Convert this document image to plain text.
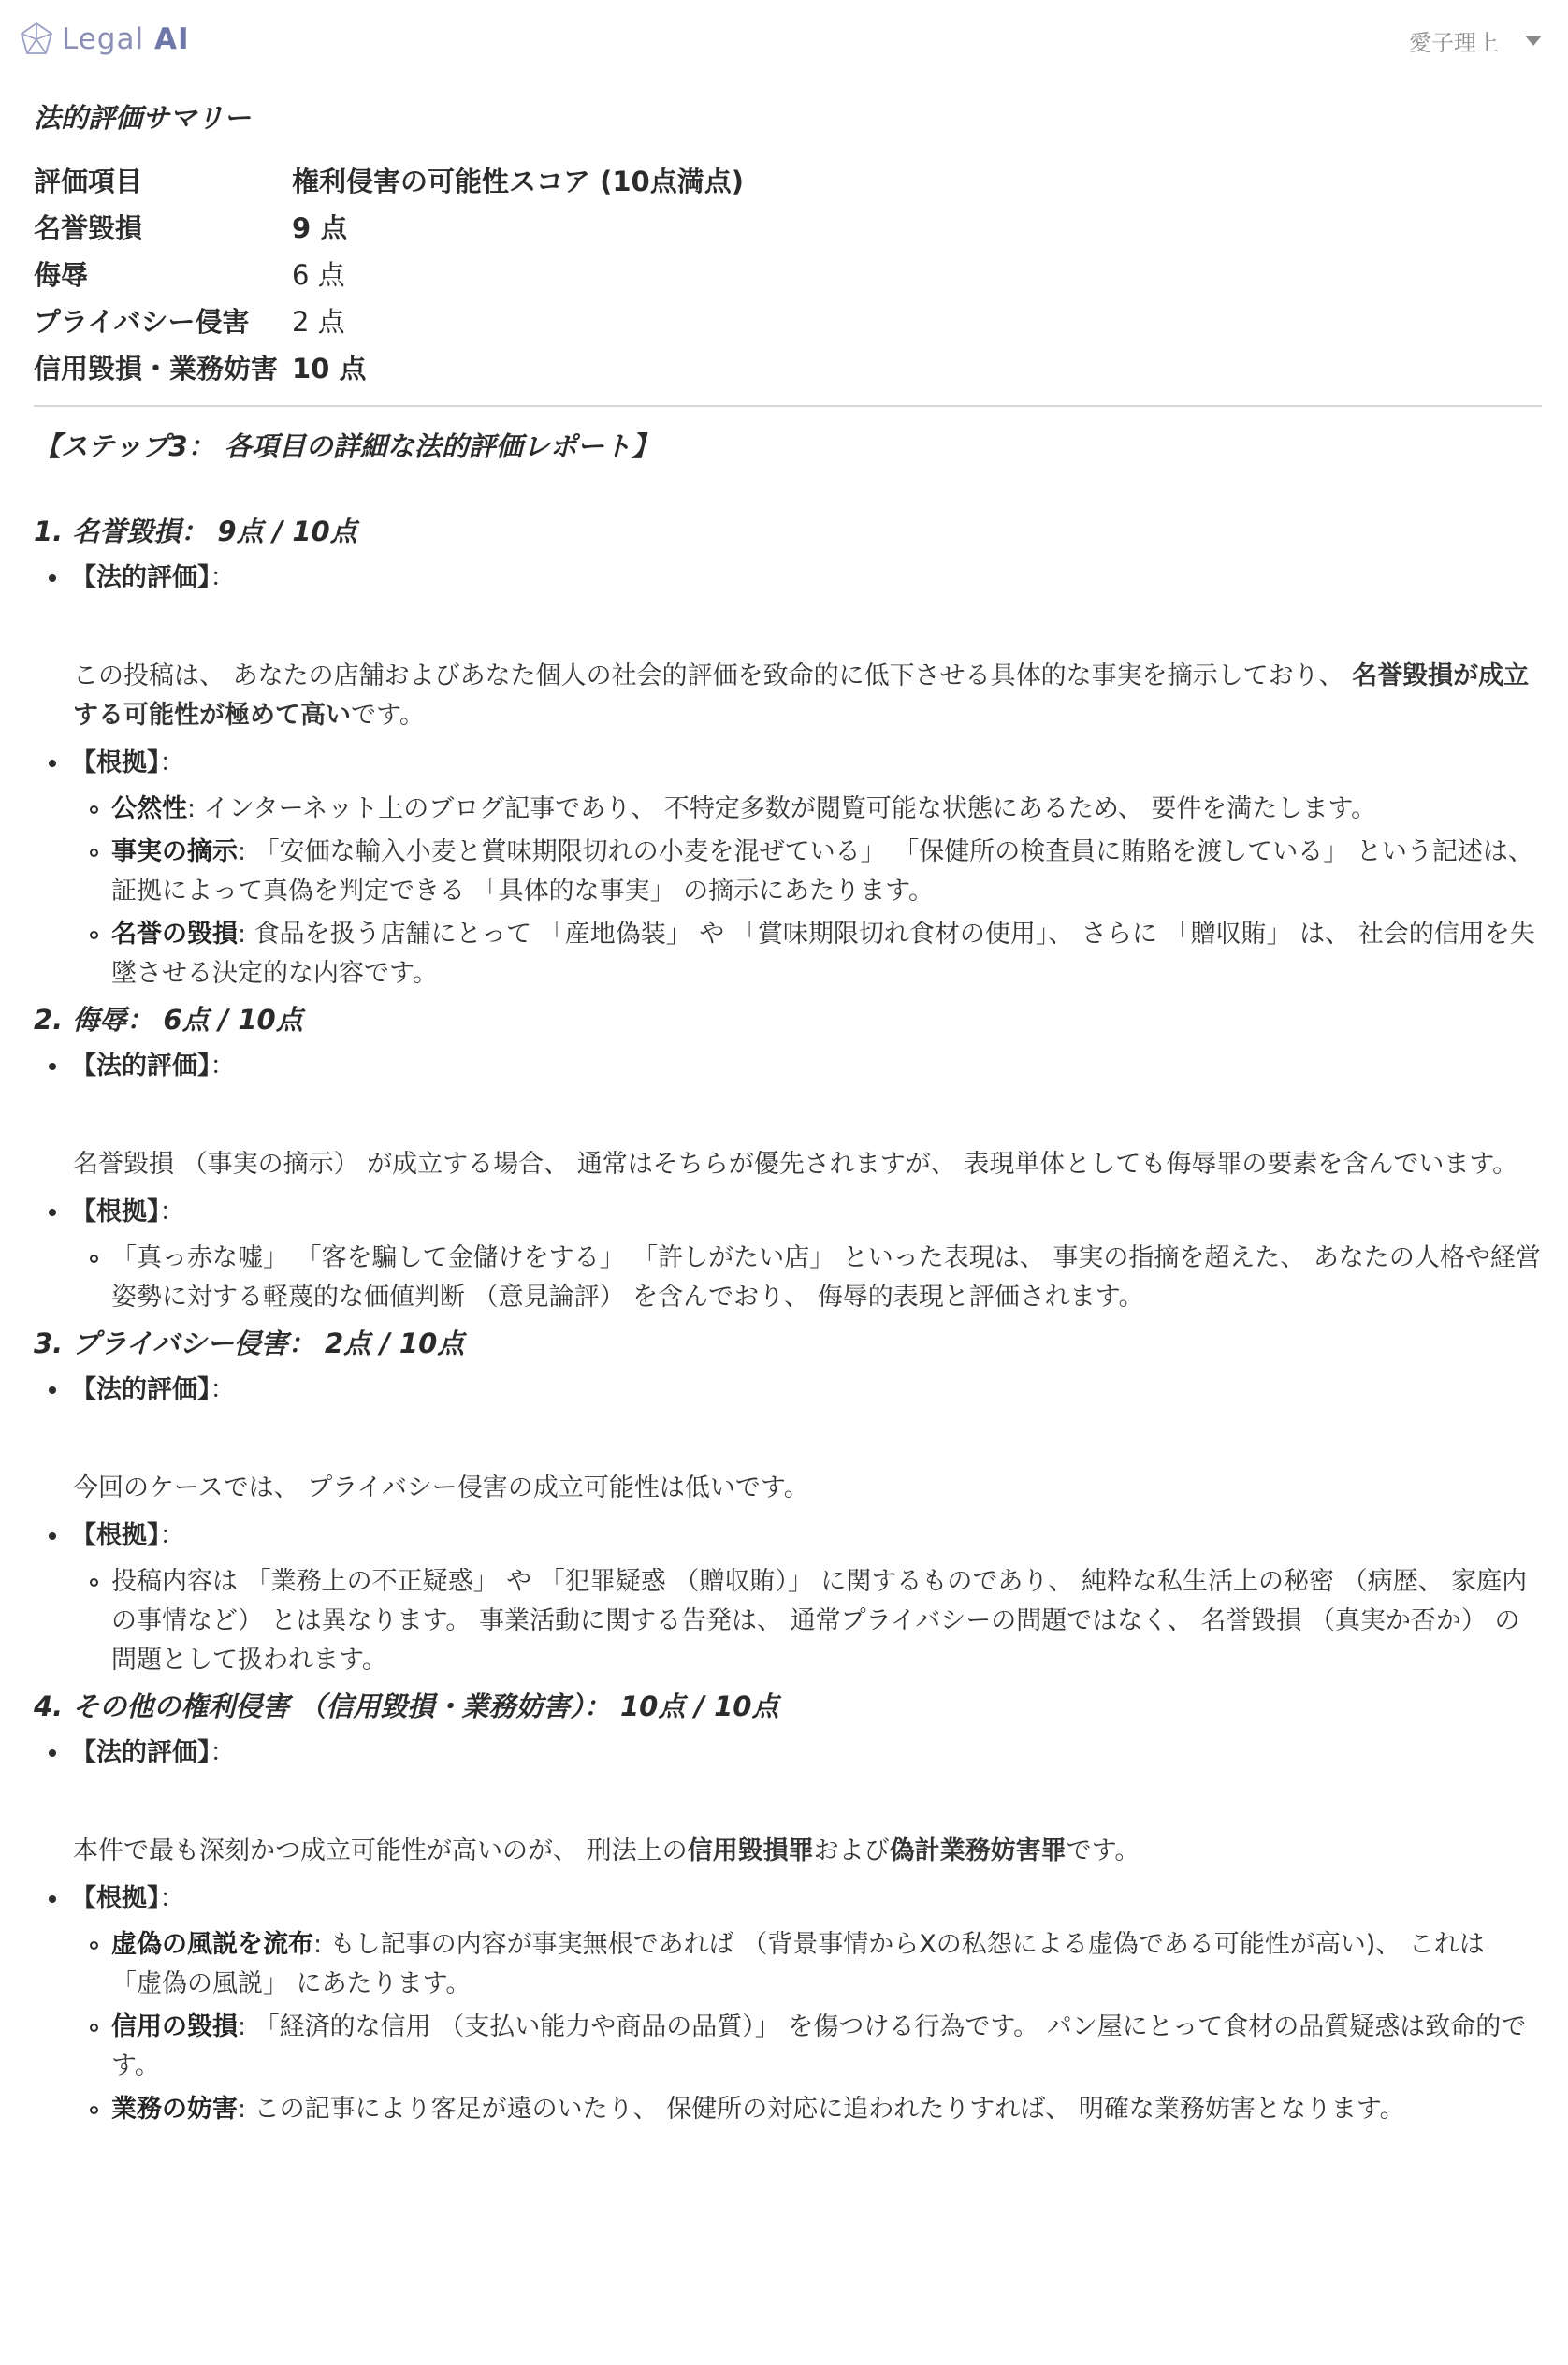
Legal AI	愛子理上
法的評価サマリー
評価項目	権利侵害の可能性スコア (10点満点)
名誉毀損	9 点
侮辱	6 点
プライバシー侵害	2 点
信用毀損・業務妨害	10 点
【ステップ3： 各項目の詳細な法的評価レポート】
1. 名誉毀損： 9点 / 10点
【法的評価】：
この投稿は、 あなたの店舗およびあなた個人の社会的評価を致命的に低下させる具体的な事実を摘示しており、 名誉毀損が成立する可能性が極めて高いです。
【根拠】：
公然性: インターネット上のブログ記事であり、 不特定多数が閲覧可能な状態にあるため、 要件を満たします。
事実の摘示: 「安価な輸入小麦と賞味期限切れの小麦を混ぜている」 「保健所の検査員に賄賂を渡している」 という記述は、 証拠によって真偽を判定できる 「具体的な事実」 の摘示にあたります。
名誉の毀損: 食品を扱う店舗にとって 「産地偽装」 や 「賞味期限切れ食材の使用」、 さらに 「贈収賄」 は、 社会的信用を失墜させる決定的な内容です。
2. 侮辱： 6点 / 10点
【法的評価】：
名誉毀損 （事実の摘示） が成立する場合、 通常はそちらが優先されますが、 表現単体としても侮辱罪の要素を含んでいます。
【根拠】：
「真っ赤な嘘」 「客を騙して金儲けをする」 「許しがたい店」 といった表現は、 事実の指摘を超えた、 あなたの人格や経営姿勢に対する軽蔑的な価値判断 （意見論評） を含んでおり、 侮辱的表現と評価されます。
3. プライバシー侵害： 2点 / 10点
【法的評価】：
今回のケースでは、 プライバシー侵害の成立可能性は低いです。
【根拠】：
投稿内容は 「業務上の不正疑惑」 や 「犯罪疑惑 （贈収賄）」 に関するものであり、 純粋な私生活上の秘密 （病歴、 家庭内の事情など） とは異なります。 事業活動に関する告発は、 通常プライバシーの問題ではなく、 名誉毀損 （真実か否か） の問題として扱われます。
4. その他の権利侵害 （信用毀損・業務妨害）： 10点 / 10点
【法的評価】：
本件で最も深刻かつ成立可能性が高いのが、 刑法上の信用毀損罪および偽計業務妨害罪です。
【根拠】：
虚偽の風説を流布: もし記事の内容が事実無根であれば （背景事情からXの私怨による虚偽である可能性が高い)、 これは 「虚偽の風説」 にあたります。
信用の毀損: 「経済的な信用 （支払い能力や商品の品質）」 を傷つける行為です。 パン屋にとって食材の品質疑惑は致命的です。
業務の妨害: この記事により客足が遠のいたり、 保健所の対応に追われたりすれば、 明確な業務妨害となります。
